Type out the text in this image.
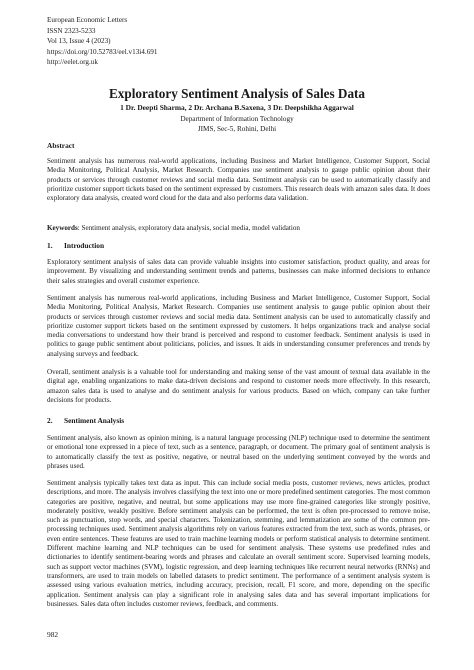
European Economic Letters
ISSN 2323-5233
Vol 13, Issue 4 (2023)
https://doi.org/10.52783/eel.v13i4.691
http://eelet.org.uk
Exploratory Sentiment Analysis of Sales Data
1 Dr. Deepti Sharma, 2 Dr. Archana B.Saxena, 3 Dr. Deepshikha Aggarwal
Department of Information Technology
JIMS, Sec-5, Rohini, Delhi
Abstract
Sentiment analysis has numerous real-world applications, including Business and Market Intelligence, Customer Support, Social Media Monitoring, Political Analysis, Market Research. Companies use sentiment analysis to gauge public opinion about their products or services through customer reviews and social media data. Sentiment analysis can be used to automatically classify and prioritize customer support tickets based on the sentiment expressed by customers. This research deals with amazon sales data. It does exploratory data analysis, created word cloud for the data and also performs data validation.
Keywords: Sentiment analysis, exploratory data analysis, social media, model validation
1. Introduction
Exploratory sentiment analysis of sales data can provide valuable insights into customer satisfaction, product quality, and areas for improvement. By visualizing and understanding sentiment trends and patterns, businesses can make informed decisions to enhance their sales strategies and overall customer experience.
Sentiment analysis has numerous real-world applications, including Business and Market Intelligence, Customer Support, Social Media Monitoring, Political Analysis, Market Research. Companies use sentiment analysis to gauge public opinion about their products or services through customer reviews and social media data. Sentiment analysis can be used to automatically classify and prioritize customer support tickets based on the sentiment expressed by customers. It helps organizations track and analyse social media conversations to understand how their brand is perceived and respond to customer feedback. Sentiment analysis is used in politics to gauge public sentiment about politicians, policies, and issues. It aids in understanding consumer preferences and trends by analysing surveys and feedback.
Overall, sentiment analysis is a valuable tool for understanding and making sense of the vast amount of textual data available in the digital age, enabling organizations to make data-driven decisions and respond to customer needs more effectively. In this research, amazon sales data is used to analyse and do sentiment analysis for various products. Based on which, company can take further decisions for products.
2. Sentiment Analysis
Sentiment analysis, also known as opinion mining, is a natural language processing (NLP) technique used to determine the sentiment or emotional tone expressed in a piece of text, such as a sentence, paragraph, or document. The primary goal of sentiment analysis is to automatically classify the text as positive, negative, or neutral based on the underlying sentiment conveyed by the words and phrases used.
Sentiment analysis typically takes text data as input. This can include social media posts, customer reviews, news articles, product descriptions, and more. The analysis involves classifying the text into one or more predefined sentiment categories. The most common categories are positive, negative, and neutral, but some applications may use more fine-grained categories like strongly positive, moderately positive, weakly positive. Before sentiment analysis can be performed, the text is often pre-processed to remove noise, such as punctuation, stop words, and special characters. Tokenization, stemming, and lemmatization are some of the common pre-processing techniques used. Sentiment analysis algorithms rely on various features extracted from the text, such as words, phrases, or even entire sentences. These features are used to train machine learning models or perform statistical analysis to determine sentiment. Different machine learning and NLP techniques can be used for sentiment analysis. These systems use predefined rules and dictionaries to identify sentiment-bearing words and phrases and calculate an overall sentiment score. Supervised learning models, such as support vector machines (SVM), logistic regression, and deep learning techniques like recurrent neural networks (RNNs) and transformers, are used to train models on labelled datasets to predict sentiment. The performance of a sentiment analysis system is assessed using various evaluation metrics, including accuracy, precision, recall, F1 score, and more, depending on the specific application. Sentiment analysis can play a significant role in analysing sales data and has several important implications for businesses. Sales data often includes customer reviews, feedback, and comments.
982
